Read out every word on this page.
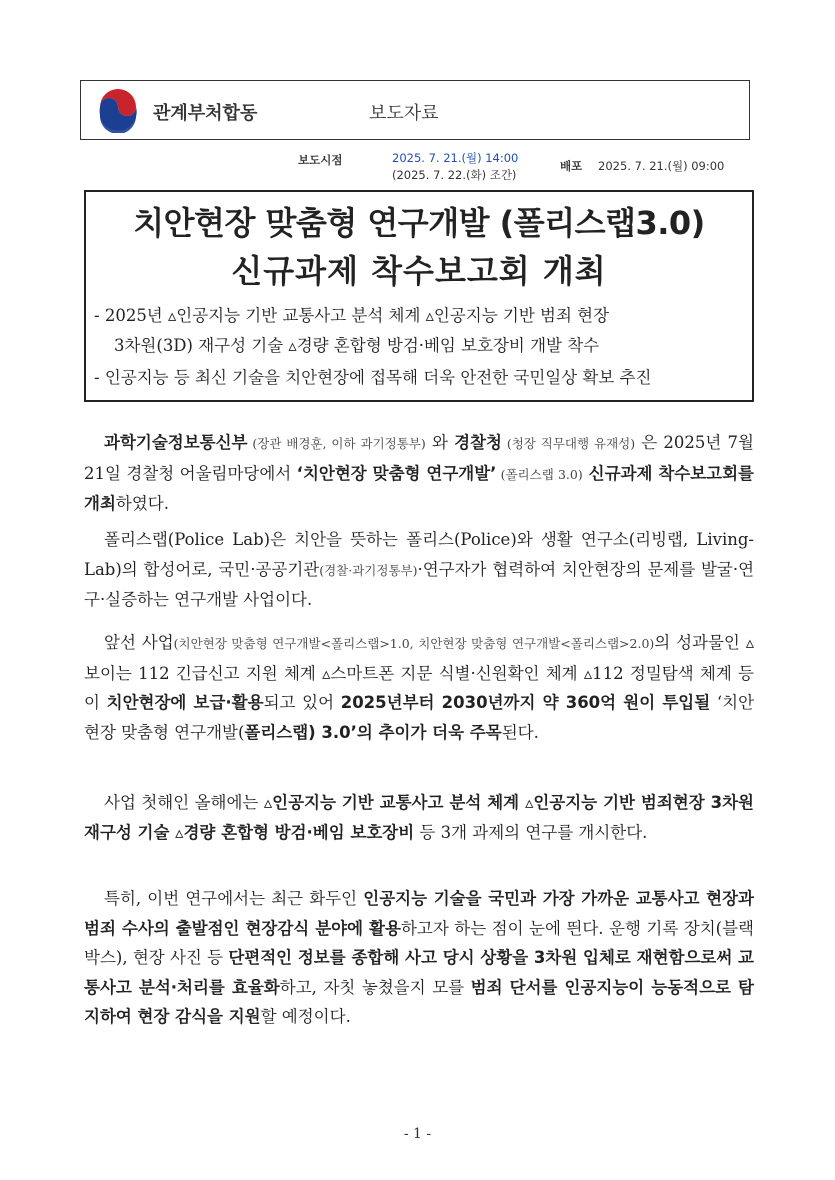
관계부처합동	보도자료
보도시점	2025. 7. 21.(월) 14:00
(2025. 7. 22.(화) 조간)
배포 2025. 7. 21.(월) 09:00
치안현장 맞춤형 연구개발 (폴리스랩3.0)
신규과제 착수보고회 개최
- 2025년 ▵인공지능 기반 교통사고 분석 체계 ▵인공지능 기반 범죄 현장
3차원(3D) 재구성 기술 ▵경량 혼합형 방검·베임 보호장비 개발 착수
- 인공지능 등 최신 기술을 치안현장에 접목해 더욱 안전한 국민일상 확보 추진
과학기술정보통신부 (장관 배경훈, 이하 과기정통부) 와 경찰청 (청장 직무대행 유재성) 은 2025년 7월 21일 경찰청 어울림마당에서 ‘치안현장 맞춤형 연구개발’ (폴리스랩 3.0) 신규과제 착수보고회를 개최하였다.
폴리스랩(Police Lab)은 치안을 뜻하는 폴리스(Police)와 생활 연구소(리빙랩, Living-Lab)의 합성어로, 국민·공공기관(경찰·과기정통부)·연구자가 협력하여 치안현장의 문제를 발굴·연구·실증하는 연구개발 사업이다.
앞선 사업(치안현장 맞춤형 연구개발<폴리스랩>1.0, 치안현장 맞춤형 연구개발<폴리스랩>2.0)의 성과물인 ▵보이는 112 긴급신고 지원 체계 ▵스마트폰 지문 식별·신원확인 체계 ▵112 정밀탐색 체계 등이 치안현장에 보급·활용되고 있어 2025년부터 2030년까지 약 360억 원이 투입될 ‘치안현장 맞춤형 연구개발(폴리스랩) 3.0’의 추이가 더욱 주목된다.
사업 첫해인 올해에는 ▵인공지능 기반 교통사고 분석 체계 ▵인공지능 기반 범죄현장 3차원 재구성 기술 ▵경량 혼합형 방검·베임 보호장비 등 3개 과제의 연구를 개시한다.
특히, 이번 연구에서는 최근 화두인 인공지능 기술을 국민과 가장 가까운 교통사고 현장과 범죄 수사의 출발점인 현장감식 분야에 활용하고자 하는 점이 눈에 띈다. 운행 기록 장치(블랙박스), 현장 사진 등 단편적인 정보를 종합해 사고 당시 상황을 3차원 입체로 재현함으로써 교통사고 분석·처리를 효율화하고, 자칫 놓쳤을지 모를 범죄 단서를 인공지능이 능동적으로 탐지하여 현장 감식을 지원할 예정이다.
- 1 -
